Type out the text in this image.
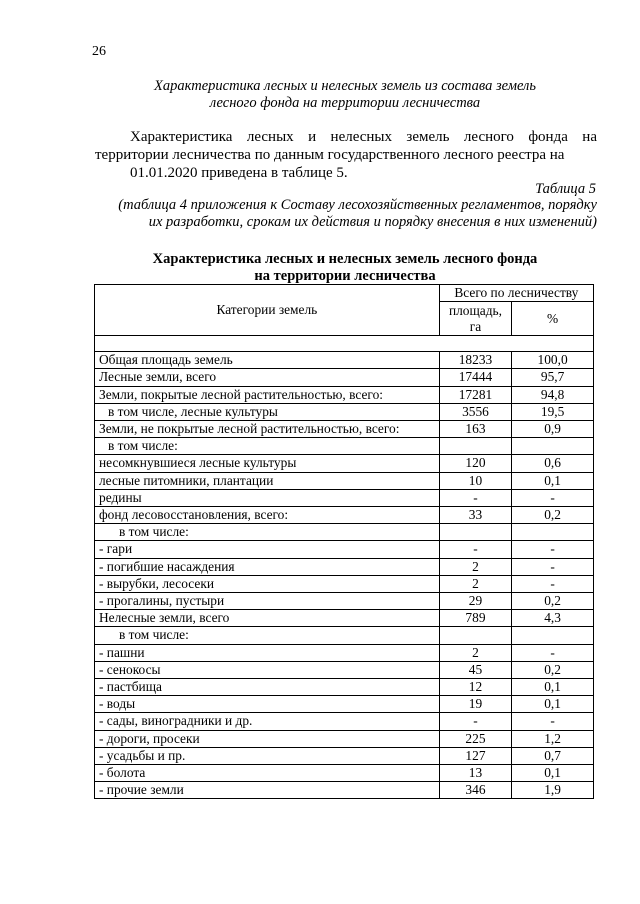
26
Характеристика лесных и нелесных земель из состава земель
лесного фонда на территории лесничества
Характеристика лесных и нелесных земель лесного фонда на территории лесничества по данным государственного лесного реестра на
01.01.2020 приведена в таблице 5.
Таблица 5
(таблица 4 приложения к Составу лесохозяйственных регламентов, порядку
их разработки, срокам их действия и порядку внесения в них изменений)
Характеристика лесных и нелесных земель лесного фонда
на территории лесничества
Категории земель	Всего по лесничеству	
	площадь, га	%

Общая площадь земель	18233	100,0
Лесные земли, всего	17444	95,7
Земли, покрытые лесной растительностью, всего:	17281	94,8
в том числе, лесные культуры	3556	19,5
Земли, не покрытые лесной растительностью, всего:	163	0,9
в том числе:		
несомкнувшиеся лесные культуры	120	0,6
лесные питомники, плантации	10	0,1
редины	-	-
фонд лесовосстановления, всего:	33	0,2
в том числе:		
- гари	-	-
- погибшие насаждения	2	-
- вырубки, лесосеки	2	-
- прогалины, пустыри	29	0,2
Нелесные земли, всего	789	4,3
в том числе:		
- пашни	2	-
- сенокосы	45	0,2
- пастбища	12	0,1
- воды	19	0,1
- сады, виноградники и др.	-	-
- дороги, просеки	225	1,2
- усадьбы и пр.	127	0,7
- болота	13	0,1
- прочие земли	346	1,9
